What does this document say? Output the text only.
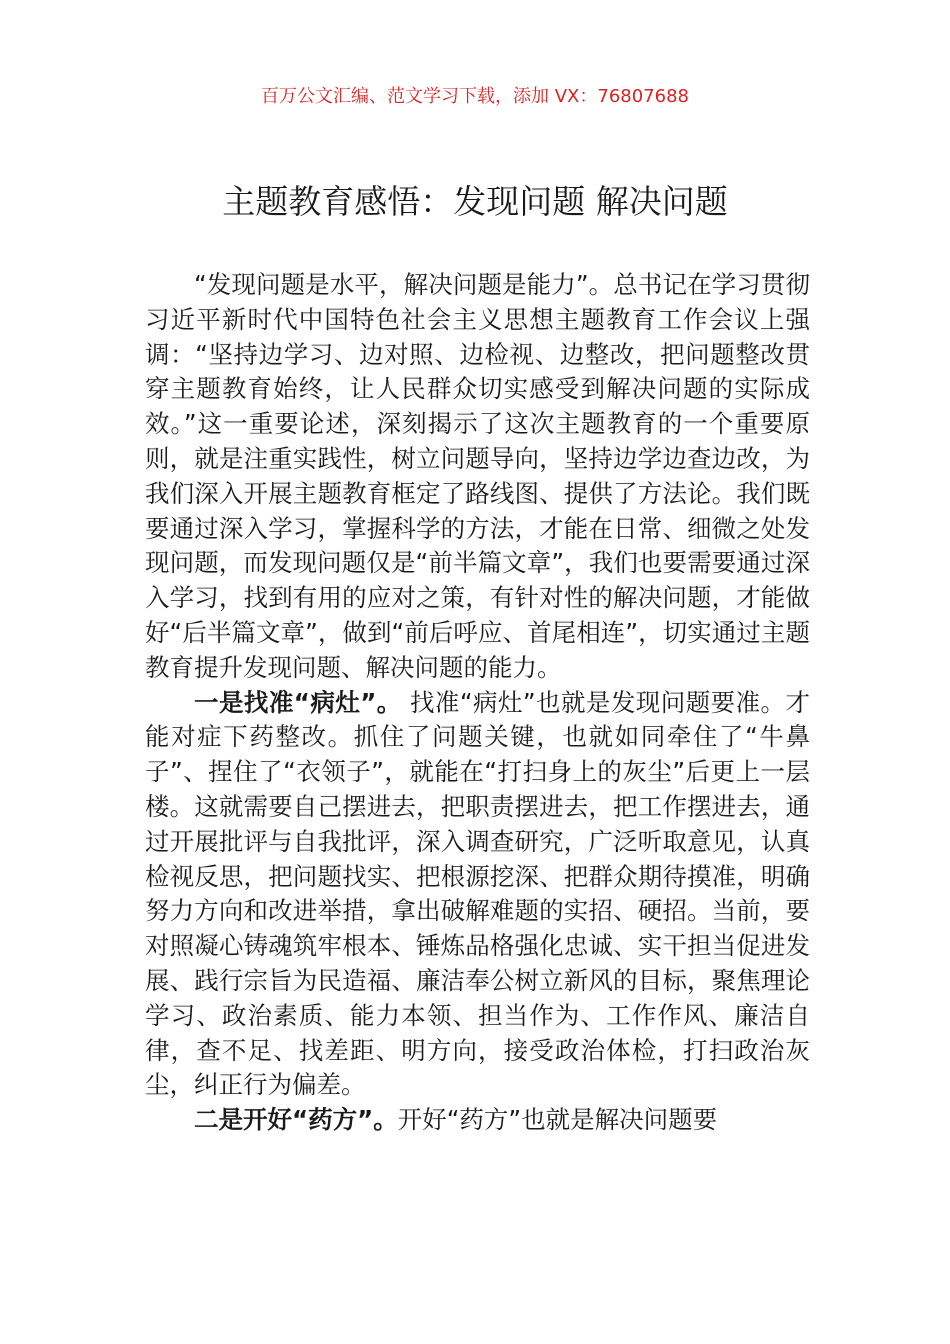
百万公文汇编、范文学习下载，添加 VX：76807688
主题教育感悟：发现问题 解决问题

“发现问题是水平，解决问题是能力”。总书记在学习贯彻习近平新时代中国特色社会主义思想主题教育工作会议上强调：“坚持边学习、边对照、边检视、边整改，把问题整改贯穿主题教育始终，让人民群众切实感受到解决问题的实际成效。”这一重要论述，深刻揭示了这次主题教育的一个重要原则，就是注重实践性，树立问题导向，坚持边学边查边改，为我们深入开展主题教育框定了路线图、提供了方法论。我们既要通过深入学习，掌握科学的方法，才能在日常、细微之处发现问题，而发现问题仅是“前半篇文章”，我们也要需要通过深入学习，找到有用的应对之策，有针对性的解决问题，才能做好“后半篇文章”，做到“前后呼应、首尾相连”，切实通过主题教育提升发现问题、解决问题的能力。

一是找准“病灶”。 找准“病灶”也就是发现问题要准。才能对症下药整改。抓住了问题关键，也就如同牵住了“牛鼻子”、捏住了“衣领子”，就能在“打扫身上的灰尘”后更上一层楼。这就需要自己摆进去，把职责摆进去，把工作摆进去，通过开展批评与自我批评，深入调查研究，广泛听取意见，认真检视反思，把问题找实、把根源挖深、把群众期待摸准，明确努力方向和改进举措，拿出破解难题的实招、硬招。当前，要对照凝心铸魂筑牢根本、锤炼品格强化忠诚、实干担当促进发展、践行宗旨为民造福、廉洁奉公树立新风的目标，聚焦理论学习、政治素质、能力本领、担当作为、工作作风、廉洁自律，查不足、找差距、明方向，接受政治体检，打扫政治灰尘，纠正行为偏差。

二是开好“药方”。开好“药方”也就是解决问题要
